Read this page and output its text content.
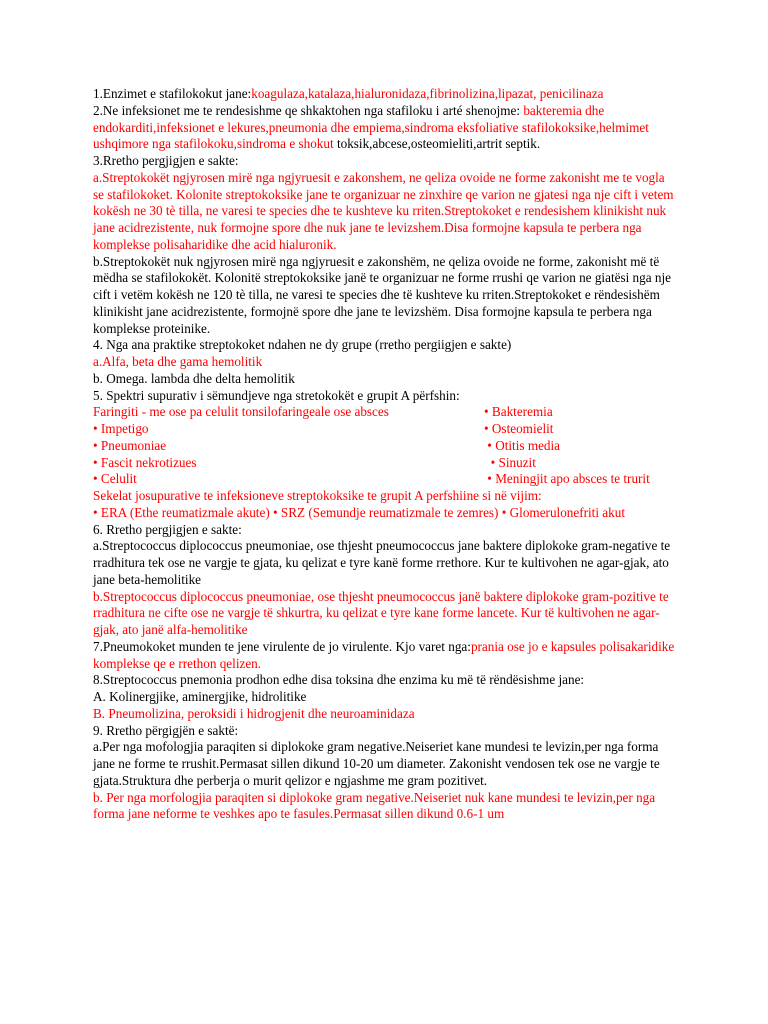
1.Enzimet e stafilokokut jane:koagulaza,katalaza,hialuronidaza,fibrinolizina,lipazat, penicilinaza

2.Ne infeksionet me te rendesishme qe shkaktohen nga stafiloku i arté shenojme: bakteremia dhe endokarditi,infeksionet e lekures,pneumonia dhe empiema,sindroma eksfoliative stafilokoksike,helmimet ushqimore nga stafilokoku,sindroma e shokut toksik,abcese,osteomieliti,artrit septik.

3.Rretho pergjigjen e sakte:

a.Streptokokët ngjyrosen mirë nga ngjyruesit e zakonshem, ne qeliza ovoide ne forme zakonisht me te vogla se stafilokoket. Kolonite streptokoksike jane te organizuar ne zinxhire qe varion ne gjatesi nga nje cift i vetem kokësh ne 30 tè tilla, ne varesi te species dhe te kushteve ku rriten.Streptokoket e rendesishem klinikisht nuk jane acidrezistente, nuk formojne spore dhe nuk jane te levizshem.Disa formojne kapsula te perbera nga komplekse polisaharidike dhe acid hialuronik.

b.Streptokokët nuk ngjyrosen mirë nga ngjyruesit e zakonshëm, ne qeliza ovoide ne forme, zakonisht më të mëdha se stafilokokët. Kolonitë streptokoksike janë te organizuar ne forme rrushi qe varion ne giatësi nga nje cift i vetëm kokësh ne 120 tè tilla, ne varesi te species dhe të kushteve ku rriten.Streptokoket e rëndesishëm klinikisht jane acidrezistente, formojnë spore dhe jane te levizshëm. Disa formojne kapsula te perbera nga komplekse proteinike.

4. Nga ana praktike streptokoket ndahen ne dy grupe (rretho pergiigjen e sakte)

a.Alfa, beta dhe gama hemolitik

b. Omega. lambda dhe delta hemolitik

5. Spektri supurativ i sëmundjeve nga stretokokët e grupit A përfshin:

Faringiti - me ose pa celulit tonsilofaringeale ose absces	• Bakteremia
• Impetigo	• Osteomielit
• Pneumoniae	• Otitis media
• Fascit nekrotizues	• Sinuzit
• Celulit	• Meningjit apo absces te trurit

Sekelat josupurative te infeksioneve streptokoksike te grupit A perfshiine si në vijim:

• ERA (Ethe reumatizmale akute) • SRZ (Semundje reumatizmale te zemres) • Glomerulonefriti akut

6. Rretho pergjigjen e sakte:

a.Streptococcus diplococcus pneumoniae, ose thjesht pneumococcus jane baktere diplokoke gram-negative te rradhitura tek ose ne vargje te gjata, ku qelizat e tyre kanë forme rrethore. Kur te kultivohen ne agar-gjak, ato jane beta-hemolitike

b.Streptococcus diplococcus pneumoniae, ose thjesht pneumococcus janë baktere diplokoke gram-pozitive te rradhitura ne cifte ose ne vargje të shkurtra, ku qelizat e tyre kane forme lancete. Kur të kultivohen ne agar-gjak, ato janë alfa-hemolitike

7.Pneumokoket munden te jene virulente de jo virulente. Kjo varet nga:prania ose jo e kapsules polisakaridike komplekse qe e rrethon qelizen.

8.Streptococcus pnemonia prodhon edhe disa toksina dhe enzima ku më të rëndësishme jane:

A. Kolinergjike, aminergjike, hidrolitike

B. Pneumolizina, peroksidi i hidrogjenit dhe neuroaminidaza

9. Rretho përgigjën e saktë:

a.Per nga mofologjia paraqiten si diplokoke gram negative.Neiseriet kane mundesi te levizin,per nga forma jane ne forme te rrushit.Permasat sillen dikund 10-20 um diameter. Zakonisht vendosen tek ose ne vargje te gjata.Struktura dhe perberja o murit qelizor e ngjashme me gram pozitivet.

b. Per nga morfologjia paraqiten si diplokoke gram negative.Neiseriet nuk kane mundesi te levizin,per nga forma jane neforme te veshkes apo te fasules.Permasat sillen dikund 0.6-1 um
